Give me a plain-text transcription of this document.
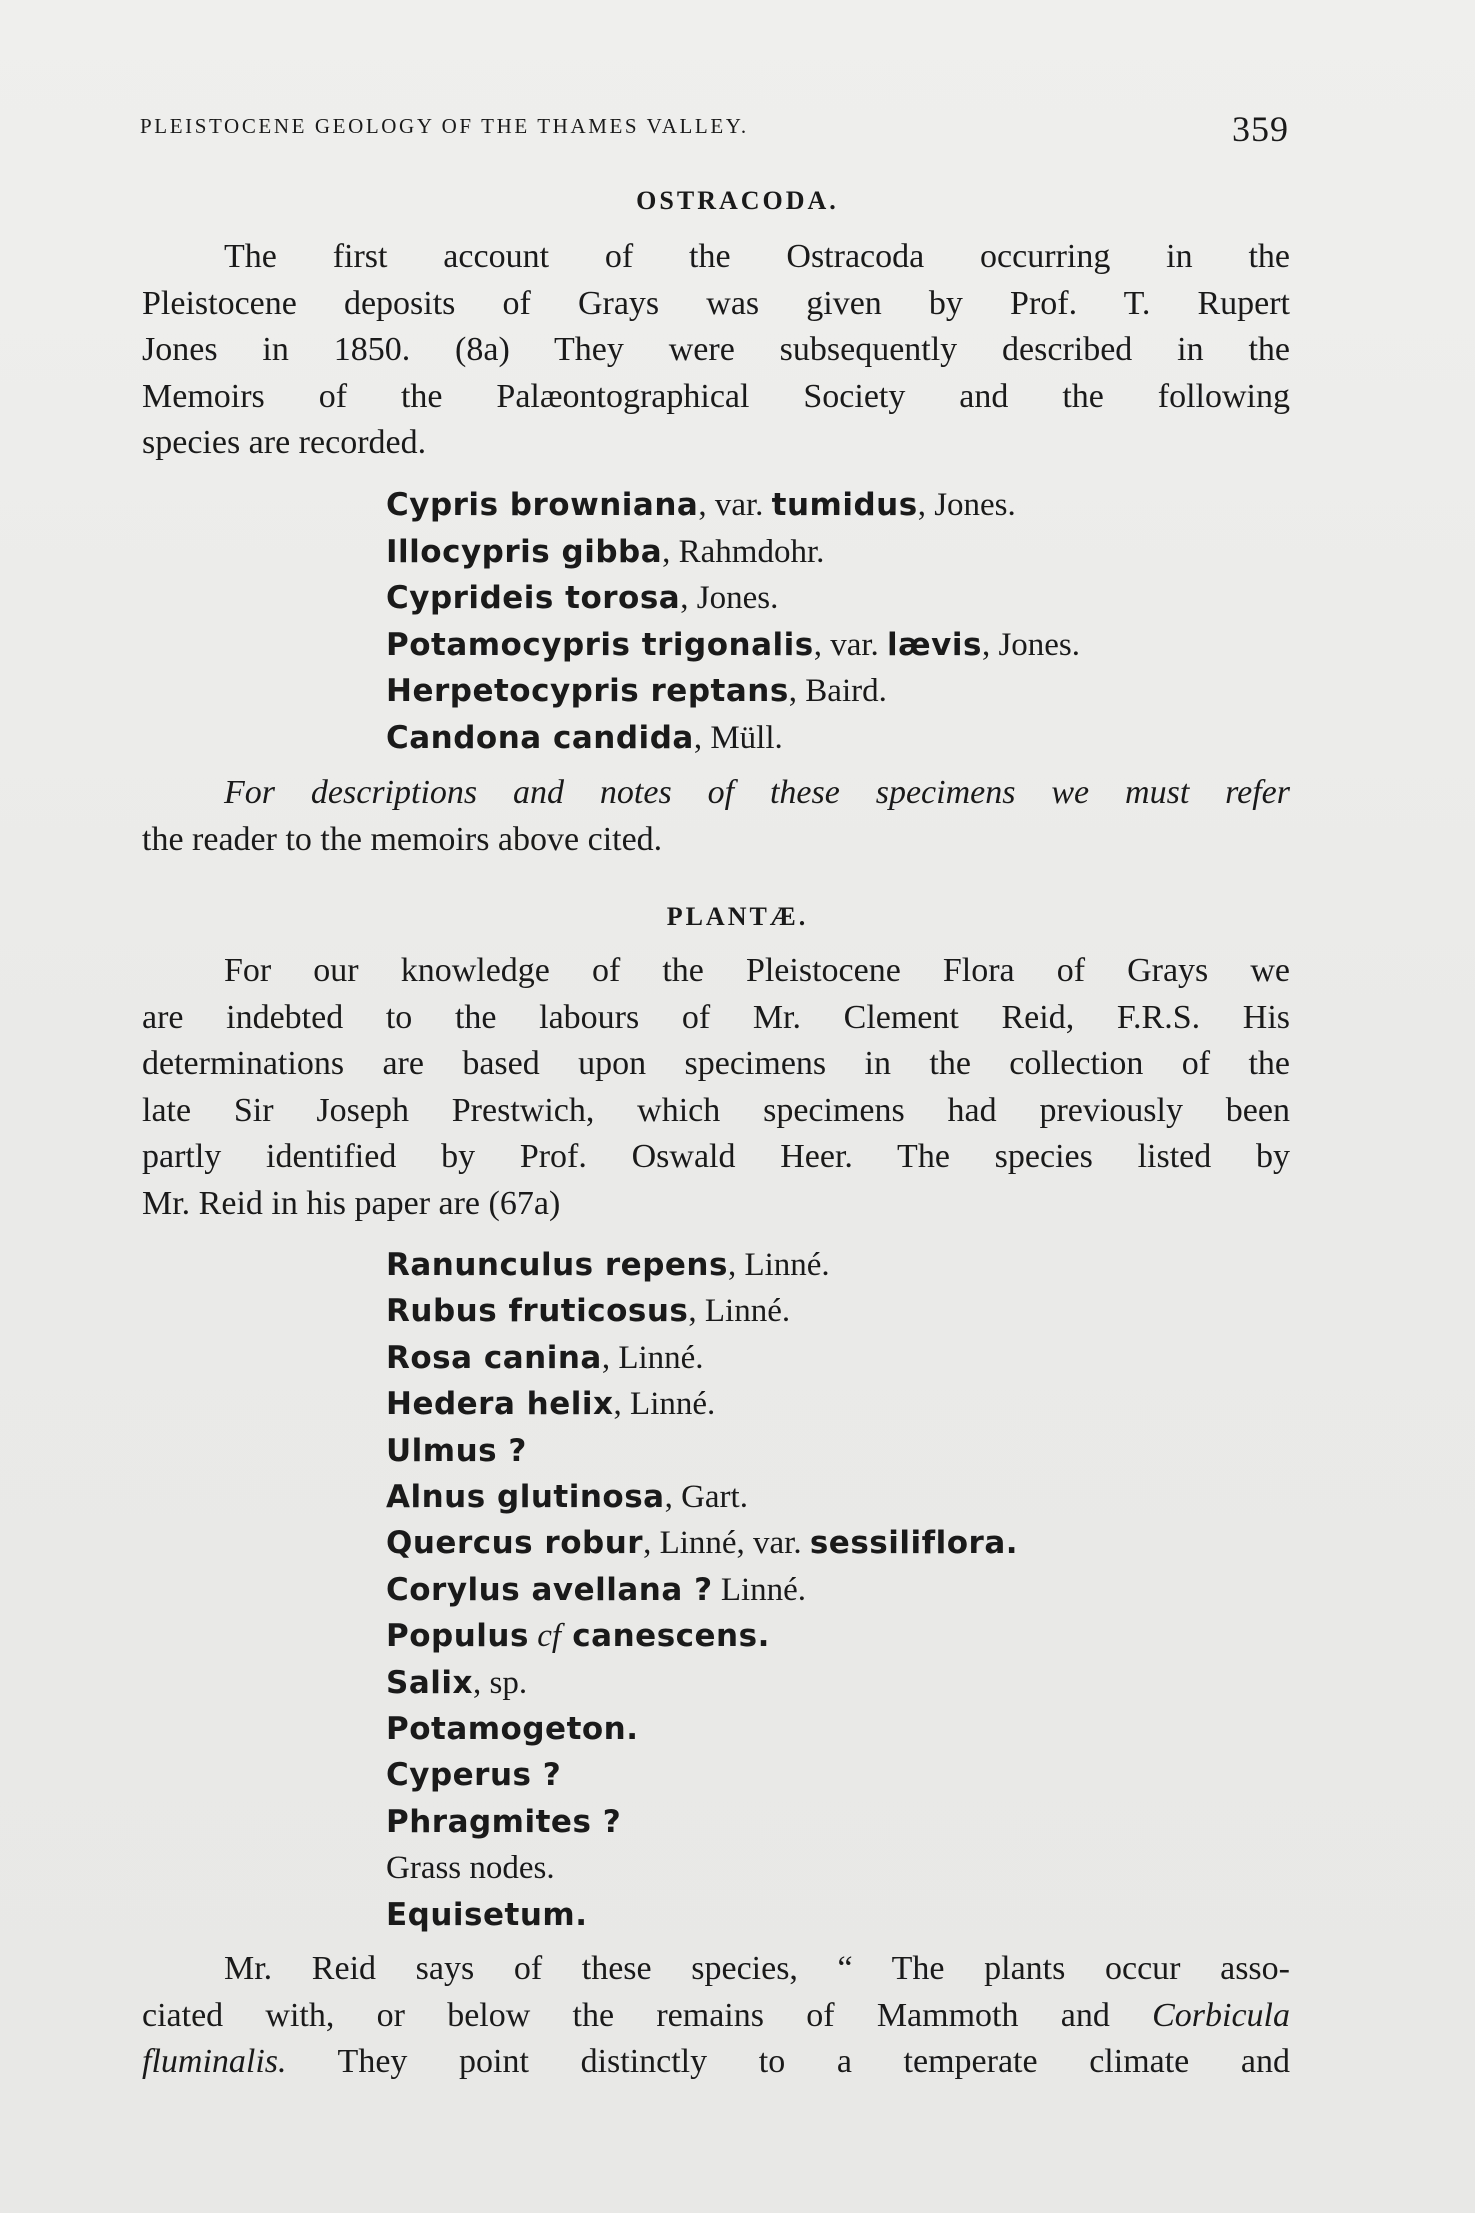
PLEISTOCENE GEOLOGY OF THE THAMES VALLEY.	359
OSTRACODA.
The first account of the Ostracoda occurring in the
Pleistocene deposits of Grays was given by Prof. T. Rupert
Jones in 1850. (8a) They were subsequently described in the
Memoirs of the Palæontographical Society and the following
species are recorded.
Cypris browniana, var. tumidus, Jones.
Illocypris gibba, Rahmdohr.
Cyprideis torosa, Jones.
Potamocypris trigonalis, var. lævis, Jones.
Herpetocypris reptans, Baird.
Candona candida, Müll.
For descriptions and notes of these specimens we must refer
the reader to the memoirs above cited.
PLANTÆ.
For our knowledge of the Pleistocene Flora of Grays we
are indebted to the labours of Mr. Clement Reid, F.R.S. His
determinations are based upon specimens in the collection of the
late Sir Joseph Prestwich, which specimens had previously been
partly identified by Prof. Oswald Heer. The species listed by
Mr. Reid in his paper are (67a)
Ranunculus repens, Linné.
Rubus fruticosus, Linné.
Rosa canina, Linné.
Hedera helix, Linné.
Ulmus ?
Alnus glutinosa, Gart.
Quercus robur, Linné, var. sessiliflora.
Corylus avellana ? Linné.
Populus cf canescens.
Salix, sp.
Potamogeton.
Cyperus ?
Phragmites ?
Grass nodes.
Equisetum.
Mr. Reid says of these species, “ The plants occur asso-
ciated with, or below the remains of Mammoth and Corbicula
fluminalis. They point distinctly to a temperate climate and
